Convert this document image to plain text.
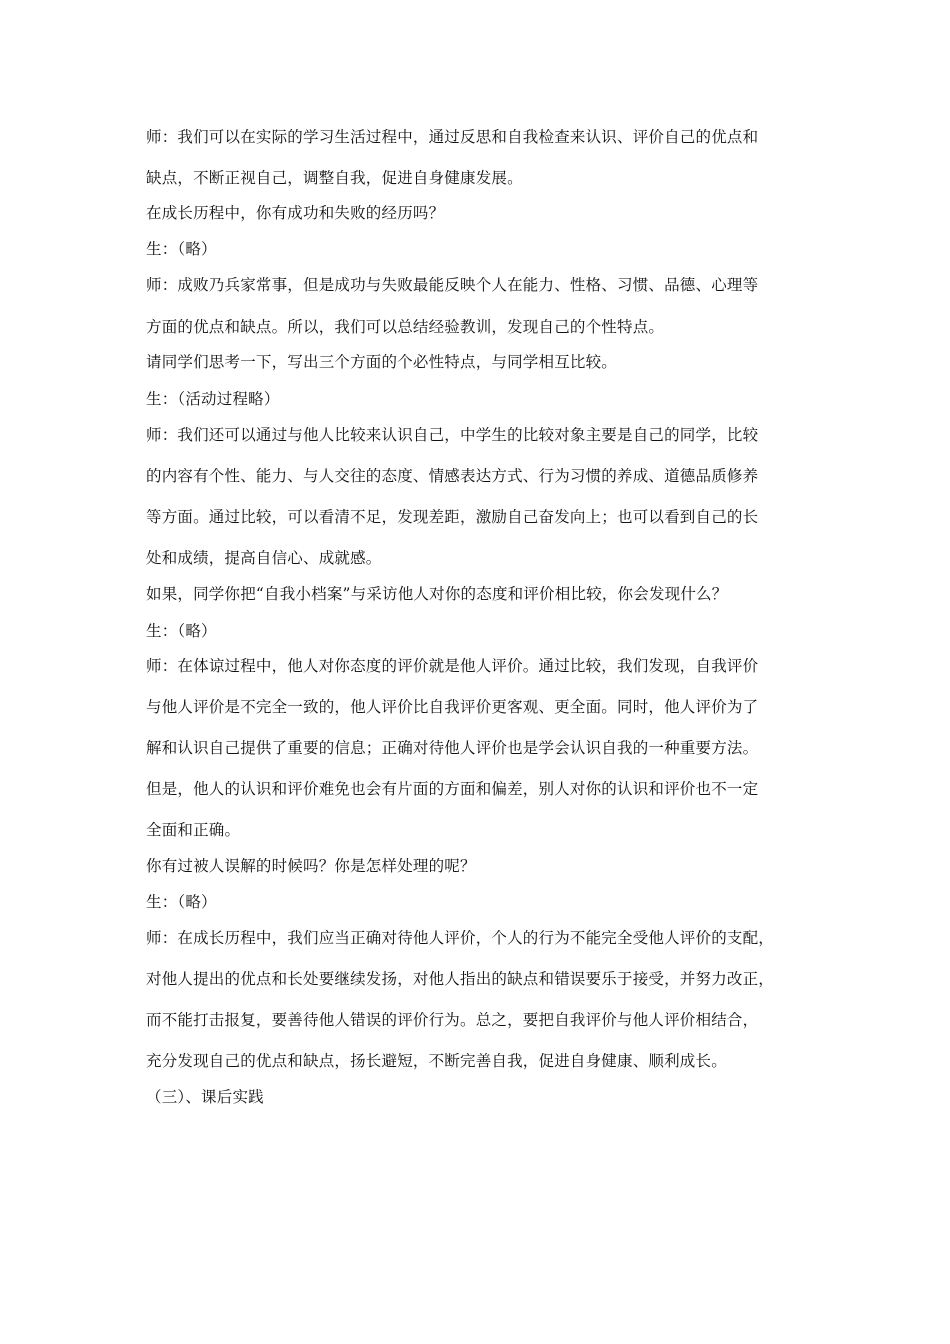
师：我们可以在实际的学习生活过程中，通过反思和自我检查来认识、评价自己的优点和
缺点，不断正视自己，调整自我，促进自身健康发展。
在成长历程中，你有成功和失败的经历吗？
生：（略）
师：成败乃兵家常事，但是成功与失败最能反映个人在能力、性格、习惯、品德、心理等
方面的优点和缺点。所以，我们可以总结经验教训，发现自己的个性特点。
请同学们思考一下，写出三个方面的个必性特点，与同学相互比较。
生：（活动过程略）
师：我们还可以通过与他人比较来认识自己，中学生的比较对象主要是自己的同学，比较
的内容有个性、能力、与人交往的态度、情感表达方式、行为习惯的养成、道德品质修养
等方面。通过比较，可以看清不足，发现差距，激励自己奋发向上；也可以看到自己的长
处和成绩，提高自信心、成就感。
如果，同学你把“自我小档案”与采访他人对你的态度和评价相比较，你会发现什么？
生：（略）
师：在体谅过程中，他人对你态度的评价就是他人评价。通过比较，我们发现，自我评价
与他人评价是不完全一致的，他人评价比自我评价更客观、更全面。同时，他人评价为了
解和认识自己提供了重要的信息；正确对待他人评价也是学会认识自我的一种重要方法。
但是，他人的认识和评价难免也会有片面的方面和偏差，别人对你的认识和评价也不一定
全面和正确。
你有过被人误解的时候吗？你是怎样处理的呢？
生：（略）
师：在成长历程中，我们应当正确对待他人评价，个人的行为不能完全受他人评价的支配，
对他人提出的优点和长处要继续发扬，对他人指出的缺点和错误要乐于接受，并努力改正，
而不能打击报复，要善待他人错误的评价行为。总之，要把自我评价与他人评价相结合，
充分发现自己的优点和缺点，扬长避短，不断完善自我，促进自身健康、顺利成长。
（三）、课后实践
